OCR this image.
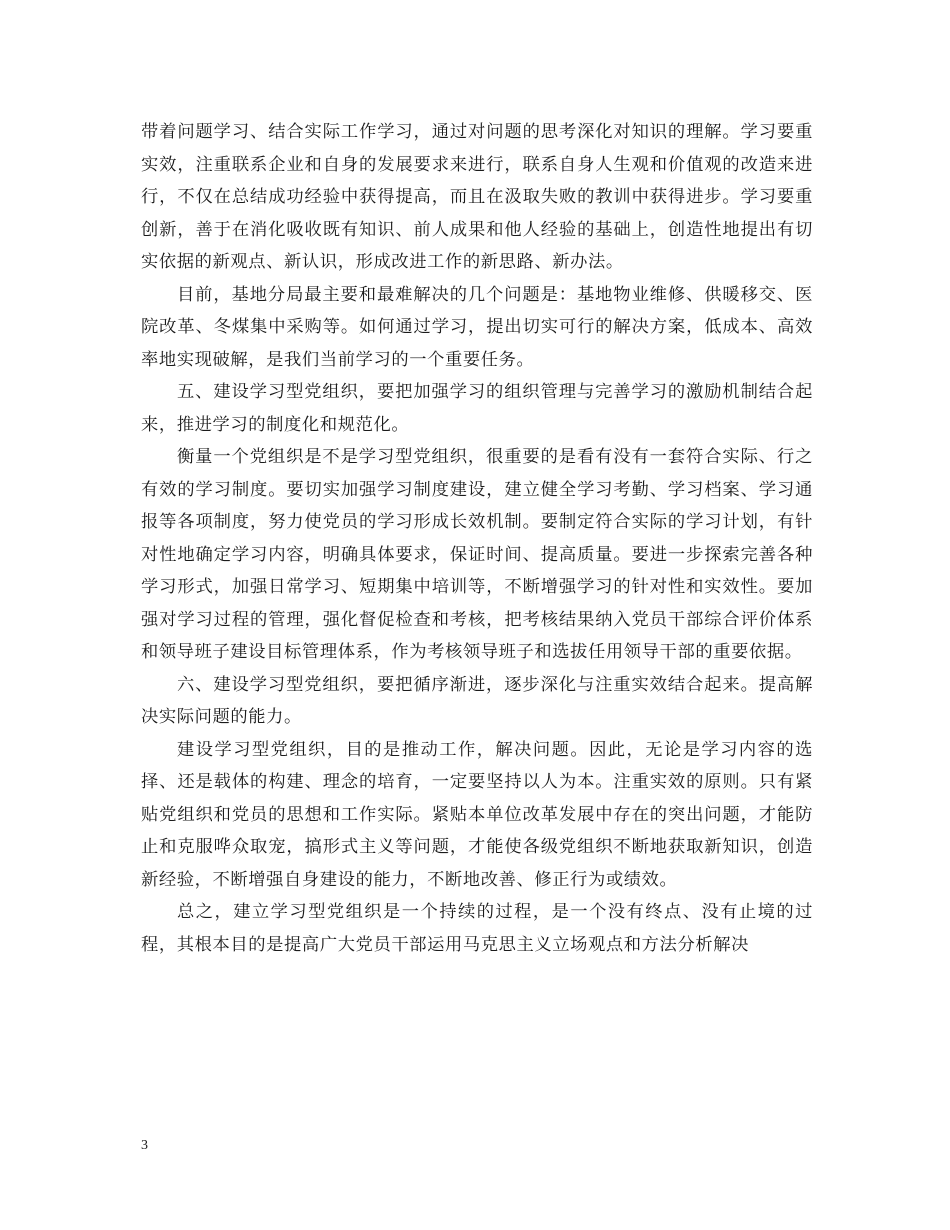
带着问题学习、结合实际工作学习，通过对问题的思考深化对知识的理解。学习要重实效，注重联系企业和自身的发展要求来进行，联系自身人生观和价值观的改造来进行，不仅在总结成功经验中获得提高，而且在汲取失败的教训中获得进步。学习要重创新，善于在消化吸收既有知识、前人成果和他人经验的基础上，创造性地提出有切实依据的新观点、新认识，形成改进工作的新思路、新办法。

目前，基地分局最主要和最难解决的几个问题是：基地物业维修、供暖移交、医院改革、冬煤集中采购等。如何通过学习，提出切实可行的解决方案，低成本、高效率地实现破解，是我们当前学习的一个重要任务。

五、建设学习型党组织，要把加强学习的组织管理与完善学习的激励机制结合起来，推进学习的制度化和规范化。

衡量一个党组织是不是学习型党组织，很重要的是看有没有一套符合实际、行之有效的学习制度。要切实加强学习制度建设，建立健全学习考勤、学习档案、学习通报等各项制度，努力使党员的学习形成长效机制。要制定符合实际的学习计划，有针对性地确定学习内容，明确具体要求，保证时间、提高质量。要进一步探索完善各种学习形式，加强日常学习、短期集中培训等，不断增强学习的针对性和实效性。要加强对学习过程的管理，强化督促检查和考核，把考核结果纳入党员干部综合评价体系和领导班子建设目标管理体系，作为考核领导班子和选拔任用领导干部的重要依据。

六、建设学习型党组织，要把循序渐进，逐步深化与注重实效结合起来。提高解决实际问题的能力。

建设学习型党组织，目的是推动工作，解决问题。因此，无论是学习内容的选择、还是载体的构建、理念的培育，一定要坚持以人为本。注重实效的原则。只有紧贴党组织和党员的思想和工作实际。紧贴本单位改革发展中存在的突出问题，才能防止和克服哗众取宠，搞形式主义等问题，才能使各级党组织不断地获取新知识，创造新经验，不断增强自身建设的能力，不断地改善、修正行为或绩效。

总之，建立学习型党组织是一个持续的过程，是一个没有终点、没有止境的过程，其根本目的是提高广大党员干部运用马克思主义立场观点和方法分析解决

3
